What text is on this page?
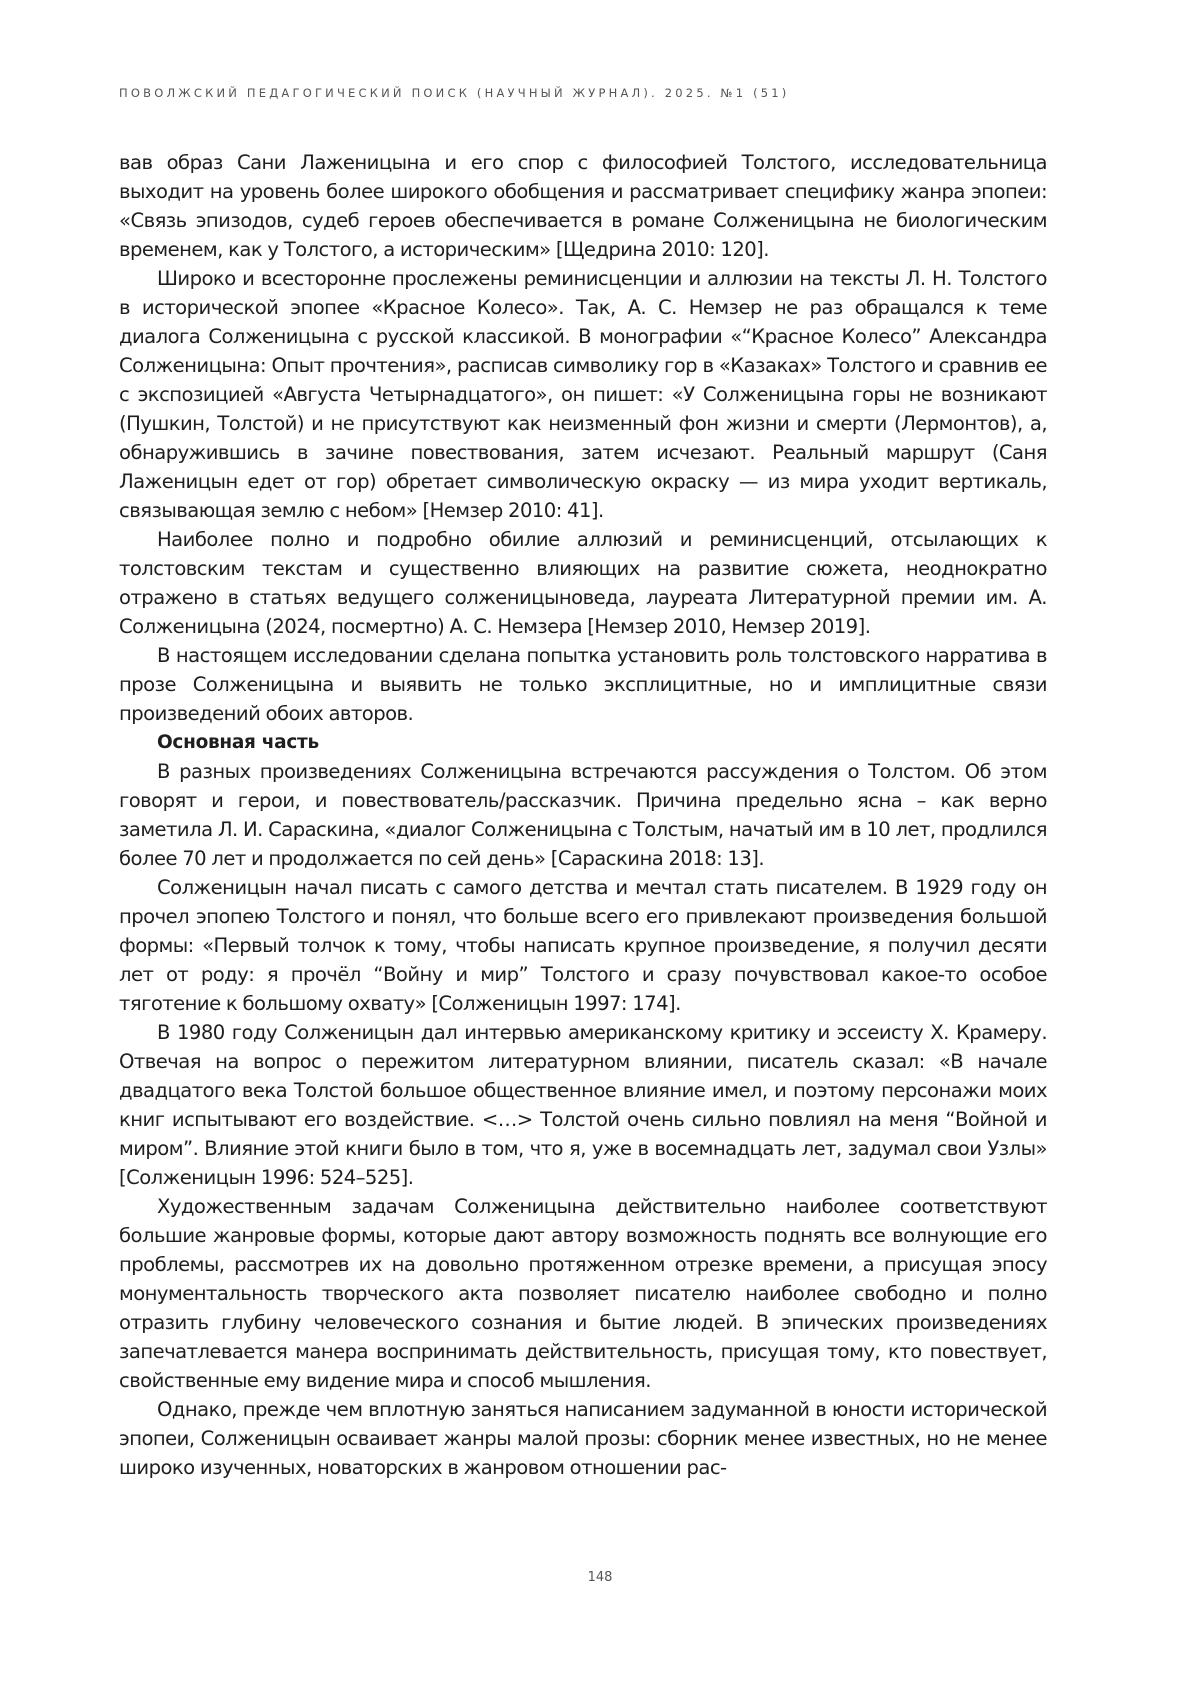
ПОВОЛЖСКИЙ ПЕДАГОГИЧЕСКИЙ ПОИСК (НАУЧНЫЙ ЖУРНАЛ). 2025. №1 (51)

вав образ Сани Лаженицына и его спор с философией Толстого, исследовательница выходит на уровень более широкого обобщения и рассматривает специфику жанра эпопеи: «Связь эпизодов, судеб героев обеспечивается в романе Солженицына не биологическим временем, как у Толстого, а историческим» [Щедрина 2010: 120].

Широко и всесторонне прослежены реминисценции и аллюзии на тексты Л. Н. Толстого в исторической эпопее «Красное Колесо». Так, А. С. Немзер не раз обращался к теме диалога Солженицына с русской классикой. В монографии «“Красное Колесо” Александра Солженицына: Опыт прочтения», расписав символику гор в «Казаках» Толстого и сравнив ее с экспозицией «Августа Четырнадцатого», он пишет: «У Солженицына горы не возникают (Пушкин, Толстой) и не присутствуют как неизменный фон жизни и смерти (Лермонтов), а, обнаружившись в зачине повествования, затем исчезают. Реальный маршрут (Саня Лаженицын едет от гор) обретает символическую окраску — из мира уходит вертикаль, связывающая землю с небом» [Немзер 2010: 41].

Наиболее полно и подробно обилие аллюзий и реминисценций, отсылающих к толстовским текстам и существенно влияющих на развитие сюжета, неоднократно отражено в статьях ведущего солженицыноведа, лауреата Литературной премии им. А. Солженицына (2024, посмертно) А. С. Немзера [Немзер 2010, Немзер 2019].

В настоящем исследовании сделана попытка установить роль толстовского нарратива в прозе Солженицына и выявить не только эксплицитные, но и имплицитные связи произведений обоих авторов.

Основная часть

В разных произведениях Солженицына встречаются рассуждения о Толстом. Об этом говорят и герои, и повествователь/рассказчик. Причина предельно ясна – как верно заметила Л. И. Сараскина, «диалог Солженицына с Толстым, начатый им в 10 лет, продлился более 70 лет и продолжается по сей день» [Сараскина 2018: 13].

Солженицын начал писать с самого детства и мечтал стать писателем. В 1929 году он прочел эпопею Толстого и понял, что больше всего его привлекают произведения большой формы: «Первый толчок к тому, чтобы написать крупное произведение, я получил десяти лет от роду: я прочёл “Войну и мир” Толстого и сразу почувствовал какое-то особое тяготение к большому охвату» [Солженицын 1997: 174].

В 1980 году Солженицын дал интервью американскому критику и эссеисту Х. Крамеру. Отвечая на вопрос о пережитом литературном влиянии, писатель сказал: «В начале двадцатого века Толстой большое общественное влияние имел, и поэтому персонажи моих книг испытывают его воздействие. <…> Толстой очень сильно повлиял на меня “Войной и миром”. Влияние этой книги было в том, что я, уже в восемнадцать лет, задумал свои Узлы» [Солженицын 1996: 524–525].

Художественным задачам Солженицына действительно наиболее соответствуют большие жанровые формы, которые дают автору возможность поднять все волнующие его проблемы, рассмотрев их на довольно протяженном отрезке времени, а присущая эпосу монументальность творческого акта позволяет писателю наиболее свободно и полно отразить глубину человеческого сознания и бытие людей. В эпических произведениях запечатлевается манера воспринимать действительность, присущая тому, кто повествует, свойственные ему видение мира и способ мышления.

Однако, прежде чем вплотную заняться написанием задуманной в юности исторической эпопеи, Солженицын осваивает жанры малой прозы: сборник менее известных, но не менее широко изученных, новаторских в жанровом отношении рас-

148
